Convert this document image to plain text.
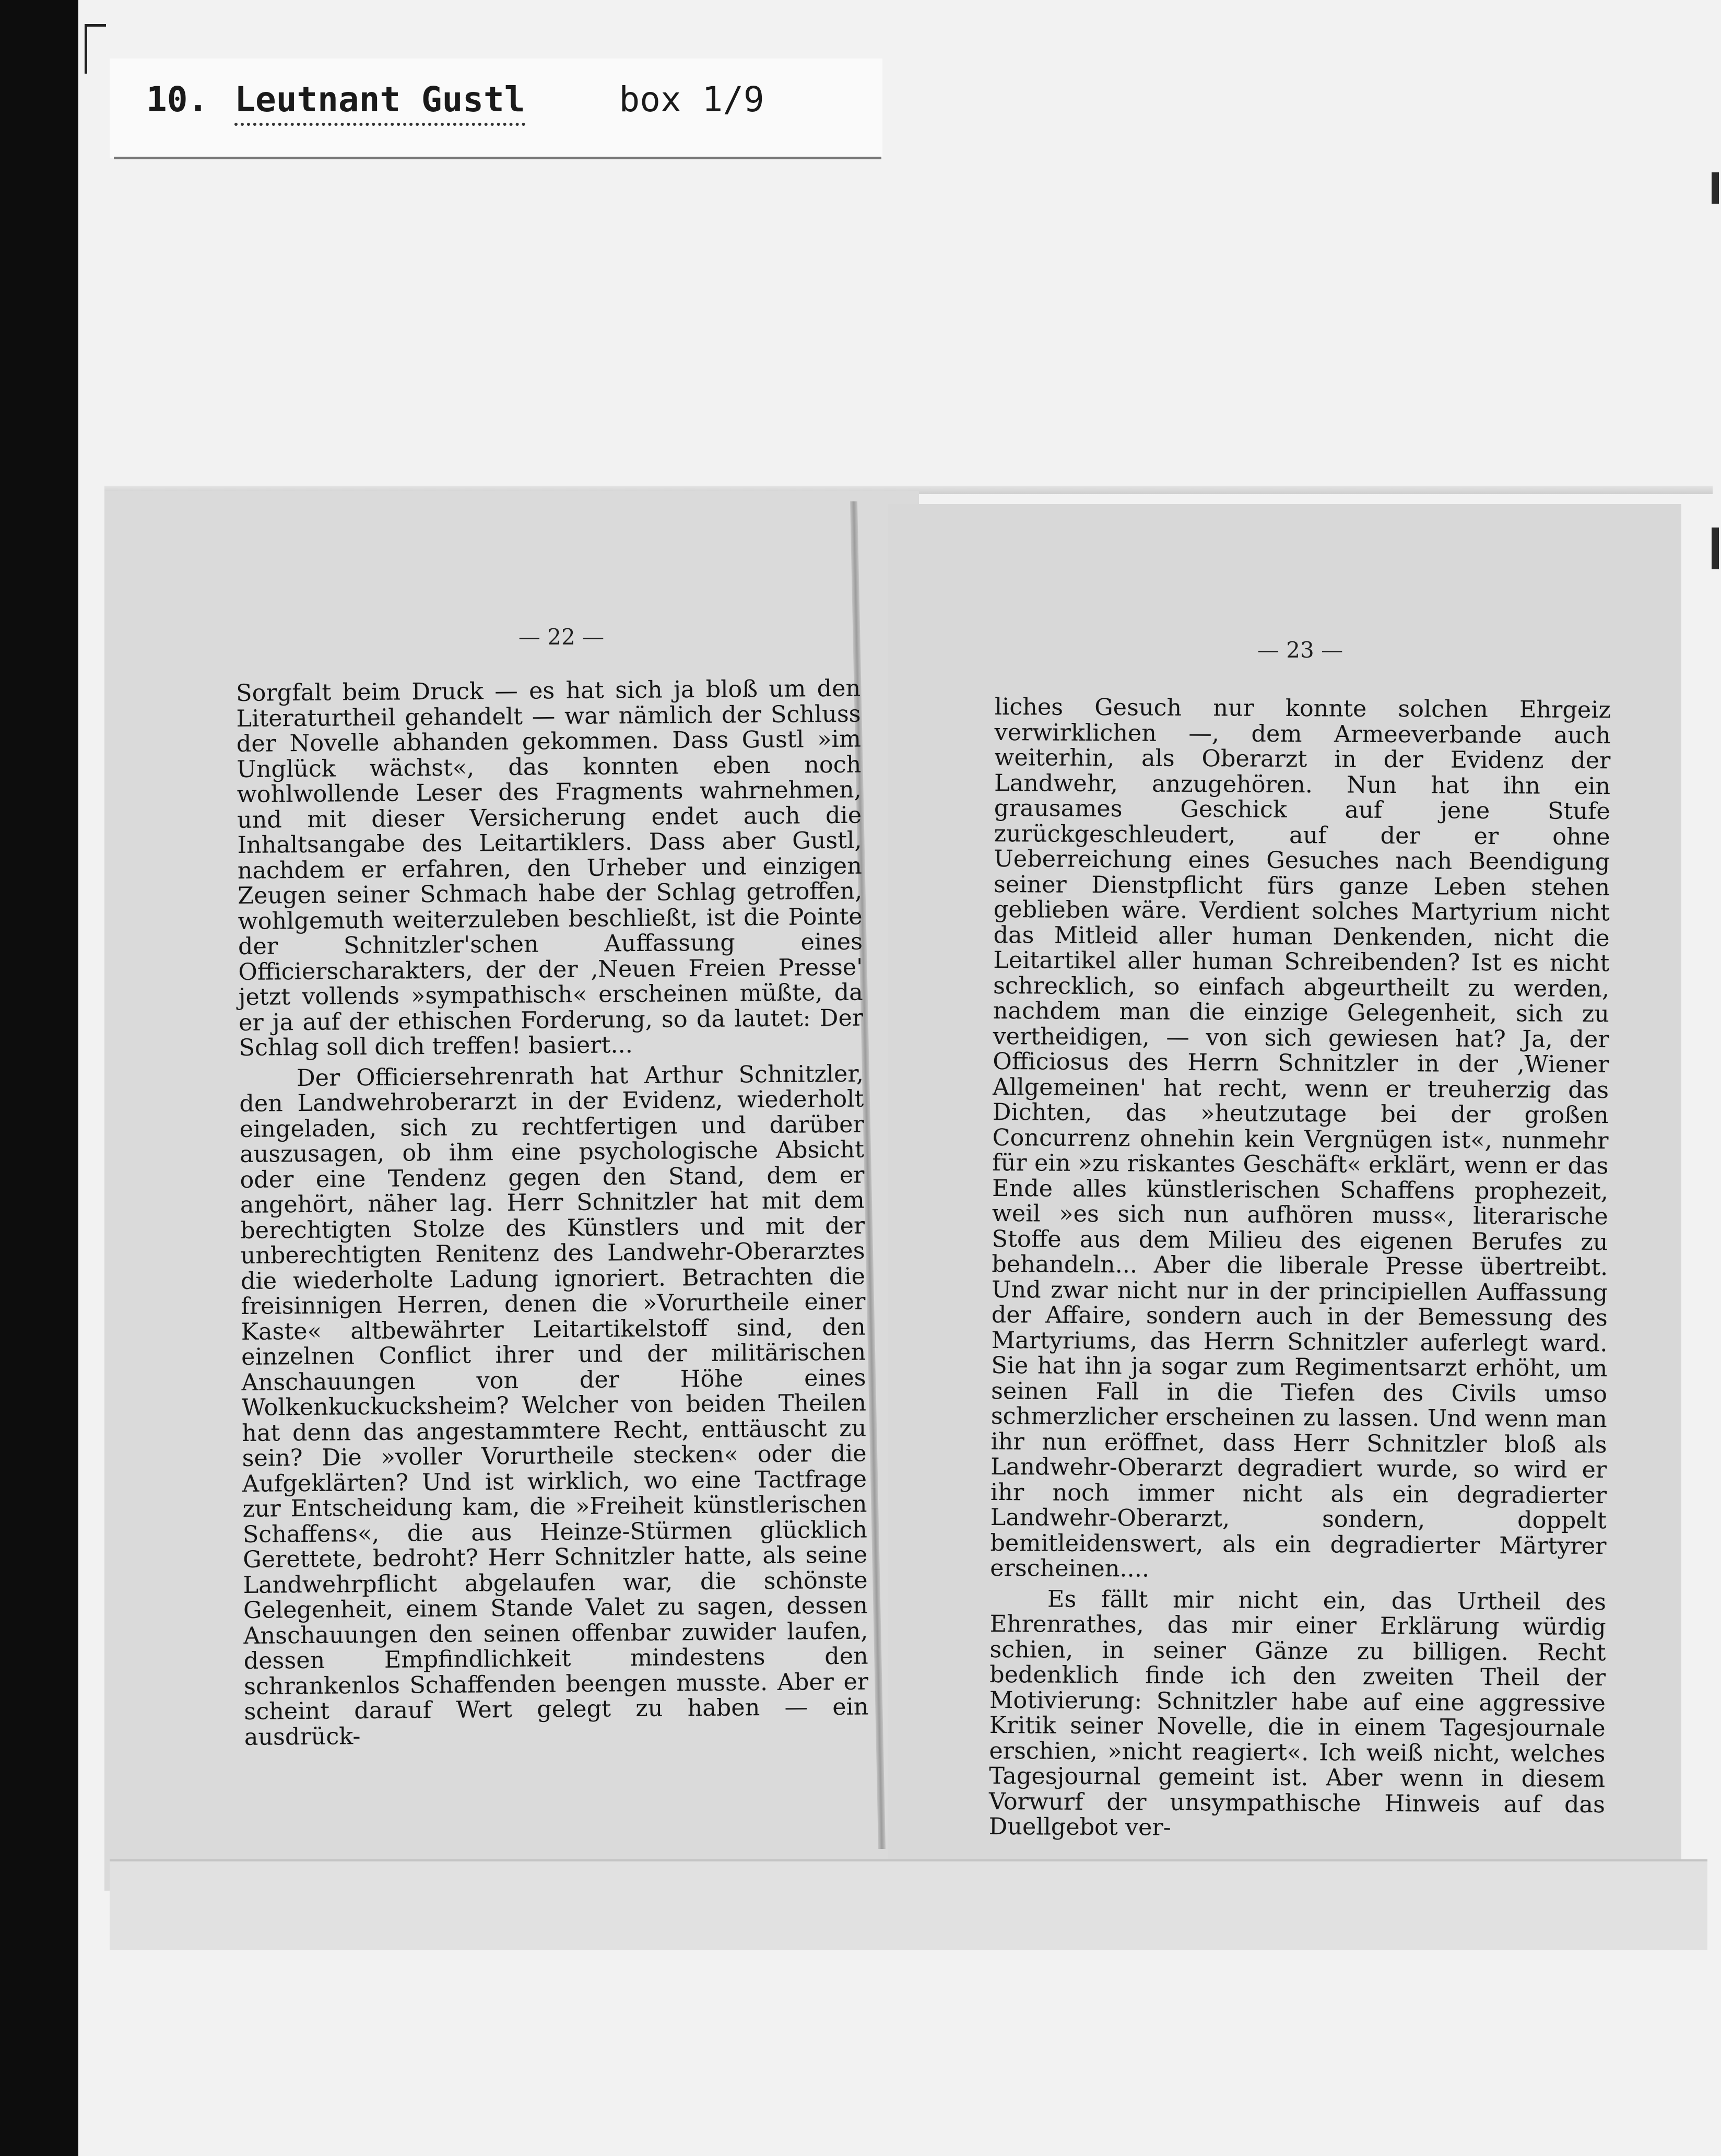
10. Leutnant Gustl	box 1/9
— 22 —
Sorgfalt beim Druck — es hat sich ja bloß um den Literaturtheil gehandelt — war nämlich der Schluss der Novelle abhanden gekommen. Dass Gustl »im Unglück wächst«, das konnten eben noch wohlwollende Leser des Fragments wahrnehmen, und mit dieser Versicherung endet auch die Inhaltsangabe des Leitartiklers. Dass aber Gustl, nachdem er erfahren, den Urheber und einzigen Zeugen seiner Schmach habe der Schlag getroffen, wohlgemuth weiterzuleben beschließt, ist die Pointe der Schnitzler'schen Auffassung eines Officierscharakters, der der ‚Neuen Freien Presse' jetzt vollends »sympathisch« erscheinen müßte, da er ja auf der ethischen Forderung, so da lautet: Der Schlag soll dich treffen! basiert...
Der Officiersehrenrath hat Arthur Schnitzler, den Landwehroberarzt in der Evidenz, wiederholt eingeladen, sich zu rechtfertigen und darüber auszusagen, ob ihm eine psychologische Absicht oder eine Tendenz gegen den Stand, dem er angehört, näher lag. Herr Schnitzler hat mit dem berechtigten Stolze des Künstlers und mit der unberechtigten Renitenz des Landwehr-Oberarztes die wiederholte Ladung ignoriert. Betrachten die freisinnigen Herren, denen die »Vorurtheile einer Kaste« altbewährter Leitartikelstoff sind, den einzelnen Conflict ihrer und der militärischen Anschauungen von der Höhe eines Wolkenkuckucksheim? Welcher von beiden Theilen hat denn das angestammtere Recht, enttäuscht zu sein? Die »voller Vorurtheile stecken« oder die Aufgeklärten? Und ist wirklich, wo eine Tactfrage zur Entscheidung kam, die »Freiheit künstlerischen Schaffens«, die aus Heinze-Stürmen glücklich Gerettete, bedroht? Herr Schnitzler hatte, als seine Landwehrpflicht abgelaufen war, die schönste Gelegenheit, einem Stande Valet zu sagen, dessen Anschauungen den seinen offenbar zuwider laufen, dessen Empfindlichkeit mindestens den schrankenlos Schaffenden beengen musste. Aber er scheint darauf Wert gelegt zu haben — ein ausdrück-
— 23 —
liches Gesuch nur konnte solchen Ehrgeiz verwirklichen —, dem Armeeverbande auch weiterhin, als Oberarzt in der Evidenz der Landwehr, anzugehören. Nun hat ihn ein grausames Geschick auf jene Stufe zurückgeschleudert, auf der er ohne Ueberreichung eines Gesuches nach Beendigung seiner Dienstpflicht fürs ganze Leben stehen geblieben wäre. Verdient solches Martyrium nicht das Mitleid aller human Denkenden, nicht die Leitartikel aller human Schreibenden? Ist es nicht schrecklich, so einfach abgeurtheilt zu werden, nachdem man die einzige Gelegenheit, sich zu vertheidigen, — von sich gewiesen hat? Ja, der Officiosus des Herrn Schnitzler in der ‚Wiener Allgemeinen' hat recht, wenn er treuherzig das Dichten, das »heutzutage bei der großen Concurrenz ohnehin kein Vergnügen ist«, nunmehr für ein »zu riskantes Geschäft« erklärt, wenn er das Ende alles künstlerischen Schaffens prophezeit, weil »es sich nun aufhören muss«, literarische Stoffe aus dem Milieu des eigenen Berufes zu behandeln... Aber die liberale Presse übertreibt. Und zwar nicht nur in der principiellen Auffassung der Affaire, sondern auch in der Bemessung des Martyriums, das Herrn Schnitzler auferlegt ward. Sie hat ihn ja sogar zum Regimentsarzt erhöht, um seinen Fall in die Tiefen des Civils umso schmerzlicher erscheinen zu lassen. Und wenn man ihr nun eröffnet, dass Herr Schnitzler bloß als Landwehr-Oberarzt degradiert wurde, so wird er ihr noch immer nicht als ein degradierter Landwehr-Oberarzt, sondern, doppelt bemitleidenswert, als ein degradierter Märtyrer erscheinen....
Es fällt mir nicht ein, das Urtheil des Ehrenrathes, das mir einer Erklärung würdig schien, in seiner Gänze zu billigen. Recht bedenklich finde ich den zweiten Theil der Motivierung: Schnitzler habe auf eine aggressive Kritik seiner Novelle, die in einem Tagesjournale erschien, »nicht reagiert«. Ich weiß nicht, welches Tagesjournal gemeint ist. Aber wenn in diesem Vorwurf der unsympathische Hinweis auf das Duellgebot ver-
